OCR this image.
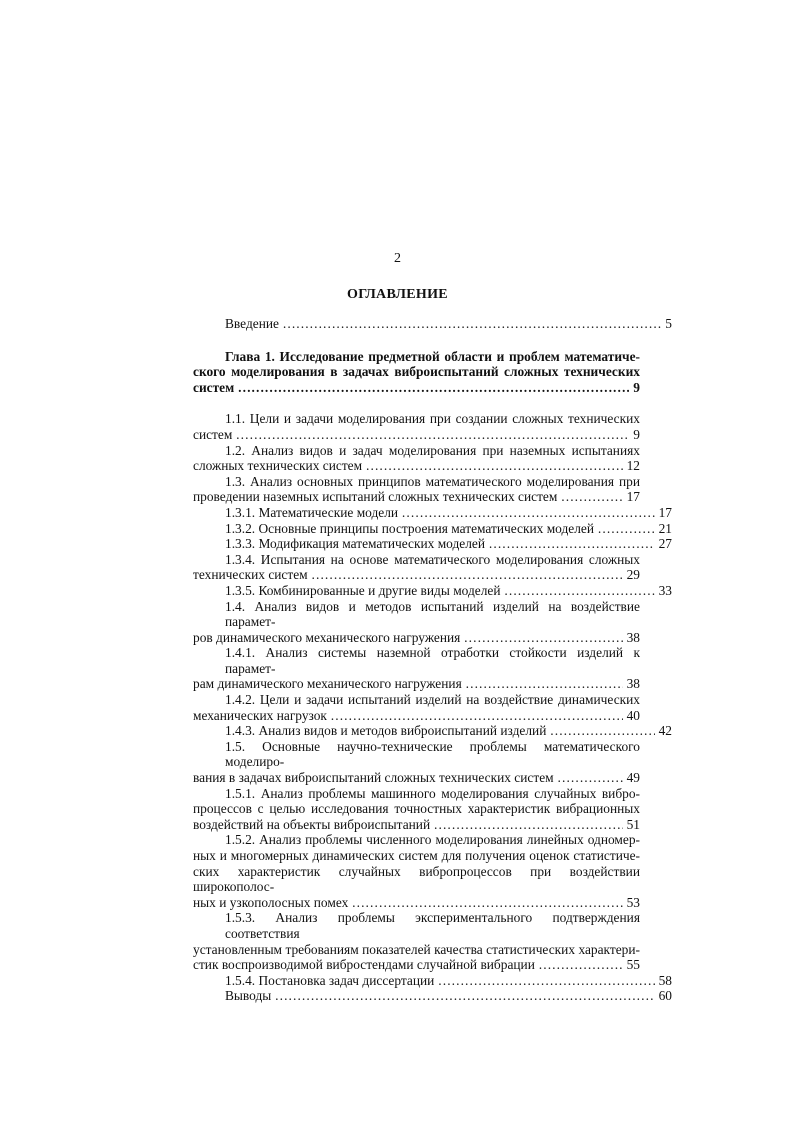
2
ОГЛАВЛЕНИЕ
Введение ……………………………………………………………………………………………………………………………………………………………………	5
Глава 1. Исследование предметной области и проблем математиче-
ского моделирования в задачах виброиспытаний сложных технических
систем ……………………………………………………………………………………………………………………………………………………………………	9
1.1. Цели и задачи моделирования при создании сложных технических
систем ……………………………………………………………………………………………………………………………………………………………………	9
1.2. Анализ видов и задач моделирования при наземных испытаниях
сложных технических систем ……………………………………………………………………………………………………………………………………………………………………	12
1.3. Анализ основных принципов математического моделирования при
проведении наземных испытаний сложных технических систем ……………………………………………………………………………………………………………………………………………………………………	17
1.3.1. Математические модели ……………………………………………………………………………………………………………………………………………………………………	17
1.3.2. Основные принципы построения математических моделей ……………………………………………………………………………………………………………………………………………………………………	21
1.3.3. Модификация математических моделей ……………………………………………………………………………………………………………………………………………………………………	27
1.3.4. Испытания на основе математического моделирования сложных
технических систем ……………………………………………………………………………………………………………………………………………………………………	29
1.3.5. Комбинированные и другие виды моделей ……………………………………………………………………………………………………………………………………………………………………	33
1.4. Анализ видов и методов испытаний изделий на воздействие парамет-
ров динамического механического нагружения ……………………………………………………………………………………………………………………………………………………………………	38
1.4.1. Анализ системы наземной отработки стойкости изделий к парамет-
рам динамического механического нагружения ……………………………………………………………………………………………………………………………………………………………………	38
1.4.2. Цели и задачи испытаний изделий на воздействие динамических
механических нагрузок ……………………………………………………………………………………………………………………………………………………………………	40
1.4.3. Анализ видов и методов виброиспытаний изделий ……………………………………………………………………………………………………………………………………………………………………	42
1.5. Основные научно-технические проблемы математического моделиро-
вания в задачах виброиспытаний сложных технических систем ……………………………………………………………………………………………………………………………………………………………………	49
1.5.1. Анализ проблемы машинного моделирования случайных вибро-
процессов с целью исследования точностных характеристик вибрационных
воздействий на объекты виброиспытаний ……………………………………………………………………………………………………………………………………………………………………	51
1.5.2. Анализ проблемы численного моделирования линейных одномер-
ных и многомерных динамических систем для получения оценок статистиче-
ских характеристик случайных вибропроцессов при воздействии широкополос-
ных и узкополосных помех ……………………………………………………………………………………………………………………………………………………………………	53
1.5.3. Анализ проблемы экспериментального подтверждения соответствия
установленным требованиям показателей качества статистических характери-
стик воспроизводимой вибростендами случайной вибрации ……………………………………………………………………………………………………………………………………………………………………	55
1.5.4. Постановка задач диссертации ……………………………………………………………………………………………………………………………………………………………………	58
Выводы ……………………………………………………………………………………………………………………………………………………………………	60
